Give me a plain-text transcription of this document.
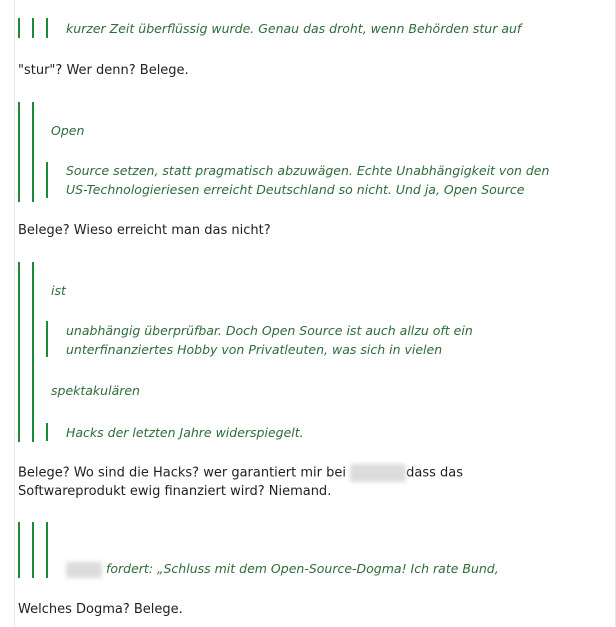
kurzer Zeit überflüssig wurde. Genau das droht, wenn Behörden stur auf
"stur"? Wer denn? Belege.
Open
Source setzen, statt pragmatisch abzuwägen. Echte Unabhängigkeit von den
US-Technologieriesen erreicht Deutschland so nicht. Und ja, Open Source
Belege? Wieso erreicht man das nicht?
ist
unabhängig überprüfbar. Doch Open Source ist auch allzu oft ein
unterfinanziertes Hobby von Privatleuten, was sich in vielen
spektakulären
Hacks der letzten Jahre widerspiegelt.
Belege? Wo sind die Hacks? wer garantiert mir bei	dass das
Softwareprodukt ewig finanziert wird? Niemand.
fordert: „Schluss mit dem Open-Source-Dogma! Ich rate Bund,
Welches Dogma? Belege.
